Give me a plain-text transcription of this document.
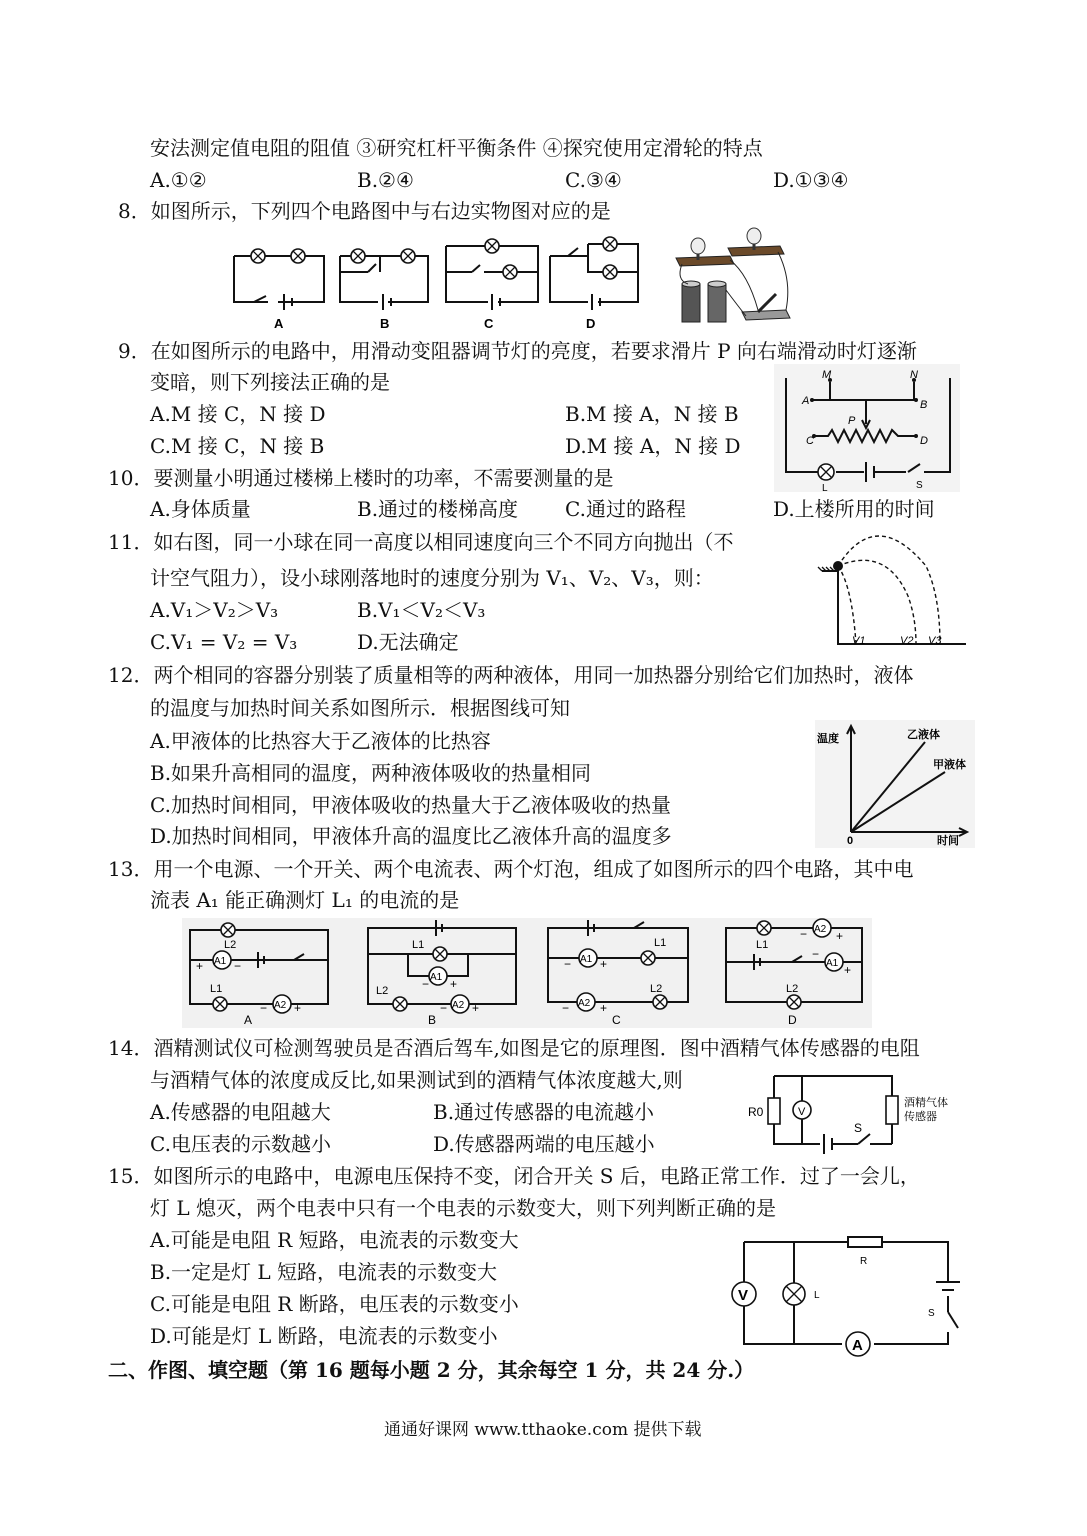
安法测定值电阻的阻值 ③研究杠杆平衡条件 ④探究使用定滑轮的特点
A.①②	B.②④	C.③④	D.①③④
8．如图所示，下列四个电路图中与右边实物图对应的是
A	B	C	D
9．在如图所示的电路中，用滑动变阻器调节灯的亮度，若要求滑片 P 向右端滑动时灯逐渐
变暗，则下列接法正确的是
A.M 接 C，N 接 D	B.M 接 A，N 接 B
C.M 接 C，N 接 B	D.M 接 A，N 接 D
M	N
A	B
P
C	D
L	S
10．要测量小明通过楼梯上楼时的功率，不需要测量的是
A.身体质量	B.通过的楼梯高度 C.通过的路程	D.上楼所用的时间
11．如右图，同一小球在同一高度以相同速度向三个不同方向抛出（不
计空气阻力），设小球刚落地时的速度分别为 V₁、V₂、V₃，则：
A.V₁＞V₂＞V₃	B.V₁＜V₂＜V₃
C.V₁ = V₂ = V₃	D.无法确定	V1	V2 V3
12．两个相同的容器分别装了质量相等的两种液体，用同一加热器分别给它们加热时，液体
的温度与加热时间关系如图所示．根据图线可知
A.甲液体的比热容大于乙液体的比热容
B.如果升高相同的温度，两种液体吸收的热量相同
C.加热时间相同，甲液体吸收的热量大于乙液体吸收的热量
D.加热时间相同，甲液体升高的温度比乙液体升高的温度多
温度
时间
0
乙液体
甲液体
13．用一个电源、一个开关、两个电流表、两个灯泡，组成了如图所示的四个电路，其中电
流表 A₁ 能正确测灯 L₁ 的电流的是
A1
A2
L2
L1
+	−
− +
A
A1
A2
L1
L2	− +
− +
B
A1
A2
L1
L2
− +
−	+
C
A2
A1
L1
L2
− +
−
+
D
14．酒精测试仪可检测驾驶员是否酒后驾车,如图是它的原理图．图中酒精气体传感器的电阻
与酒精气体的浓度成反比,如果测试到的酒精气体浓度越大,则
A.传感器的电阻越大	B.通过传感器的电流越小
C.电压表的示数越小	D.传感器两端的电压越小
R0	V
S
酒精气体
传感器
15．如图所示的电路中，电源电压保持不变，闭合开关 S 后，电路正常工作．过了一会儿，
灯 L 熄灭，两个电表中只有一个电表的示数变大，则下列判断正确的是
A.可能是电阻 R 短路，电流表的示数变大
B.一定是灯 L 短路，电流表的示数变大
C.可能是电阻 R 断路，电压表的示数变小
D.可能是灯 L 断路，电流表的示数变小
V
A
R
L
S
二、作图、填空题（第 16 题每小题 2 分，其余每空 1 分，共 24 分.）
通通好课网 www.tthaoke.com 提供下载
